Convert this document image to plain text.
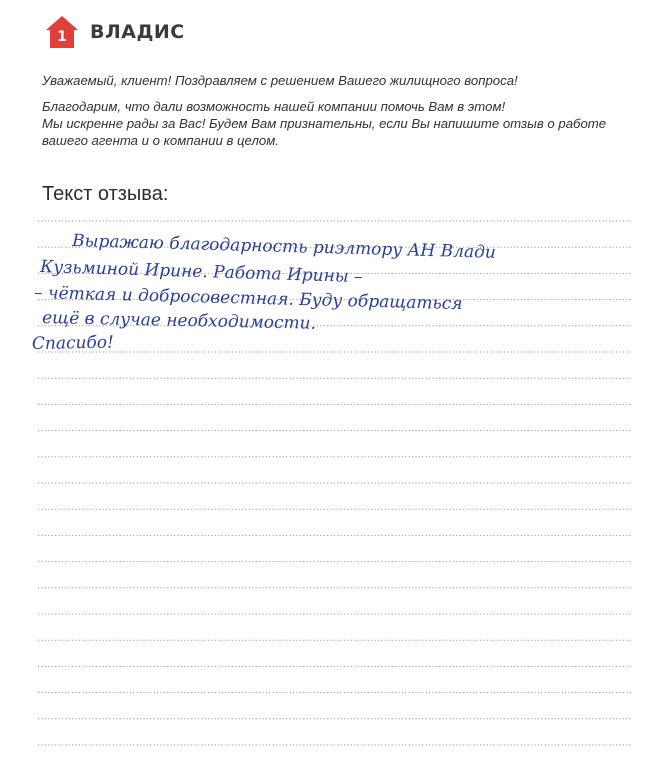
1 ВЛАДИС

Уважаемый, клиент! Поздравляем с решением Вашего жилищного вопроса!

Благодарим, что дали возможность нашей компании помочь Вам в этом!

Мы искренне рады за Вас! Будем Вам признательны, если Вы напишите отзыв о работе

вашего агента и о компании в целом.

Текст отзыва:
Выражаю благодарность риэлтору АН Влади
Кузьминой Ирине. Работа Ирины –
– чёткая и добросовестная. Буду обращаться
ещё в случае необходимости.
Спасибо!
